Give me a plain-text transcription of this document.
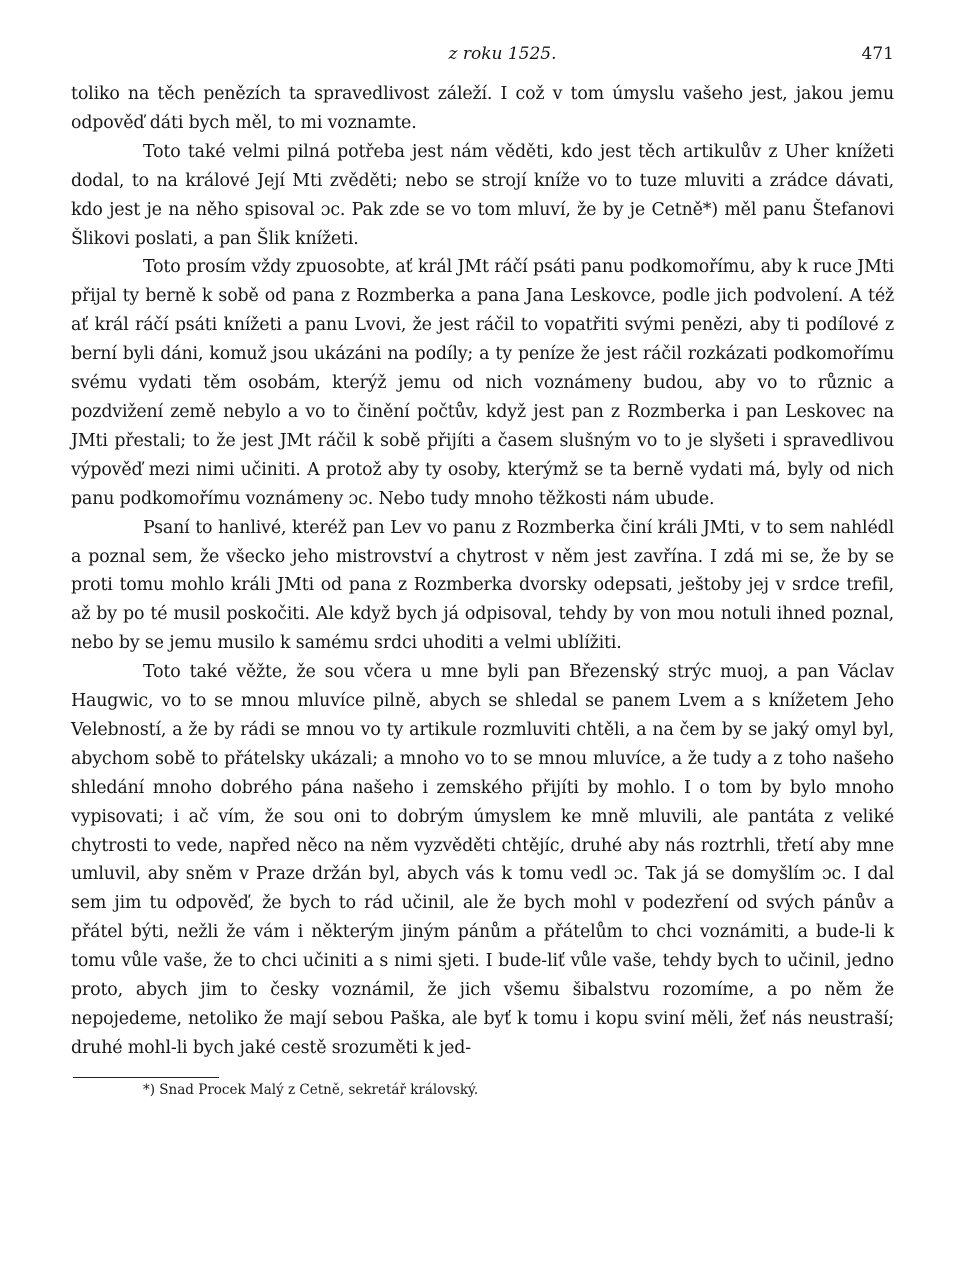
z roku 1525.	471

toliko na těch penězích ta spravedlivost záleží. I což v tom úmyslu vašeho jest, jakou jemu odpověď dáti bych měl, to mi voznamte.

Toto také velmi pilná potřeba jest nám věděti, kdo jest těch artikulův z Uher knížeti dodal, to na králové Její Mti zvěděti; nebo se strojí kníže vo to tuze mluviti a zrádce dávati, kdo jest je na něho spisoval ɔc. Pak zde se vo tom mluví, že by je Cetně*) měl panu Štefanovi Šlikovi poslati, a pan Šlik knížeti.

Toto prosím vždy zpuosobte, ať král JMt ráčí psáti panu podkomořímu, aby k ruce JMti přijal ty berně k sobě od pana z Rozmberka a pana Jana Leskovce, podle jich podvolení. A též ať král ráčí psáti knížeti a panu Lvovi, že jest ráčil to vopatřiti svými penězi, aby ti podílové z berní byli dáni, komuž jsou ukázáni na podíly; a ty peníze že jest ráčil rozkázati podkomořímu svému vydati těm osobám, kterýž jemu od nich voznámeny budou, aby vo to různic a pozdvižení země nebylo a vo to činění počtův, když jest pan z Rozmberka i pan Leskovec na JMti přestali; to že jest JMt ráčil k sobě přijíti a časem slušným vo to je slyšeti i spravedlivou výpověď mezi nimi učiniti. A protož aby ty osoby, kterýmž se ta berně vydati má, byly od nich panu podkomořímu voznámeny ɔc. Nebo tudy mnoho těžkosti nám ubude.

Psaní to hanlivé, kteréž pan Lev vo panu z Rozmberka činí králi JMti, v to sem nahlédl a poznal sem, že všecko jeho mistrovství a chytrost v něm jest zavřína. I zdá mi se, že by se proti tomu mohlo králi JMti od pana z Rozmberka dvorsky odepsati, ještoby jej v srdce trefil, až by po té musil poskočiti. Ale když bych já odpisoval, tehdy by von mou notuli ihned poznal, nebo by se jemu musilo k samému srdci uhoditi a velmi ublížiti.

Toto také věžte, že sou včera u mne byli pan Březenský strýc muoj, a pan Václav Haugwic, vo to se mnou mluvíce pilně, abych se shledal se panem Lvem a s knížetem Jeho Velebností, a že by rádi se mnou vo ty artikule rozmluviti chtěli, a na čem by se jaký omyl byl, abychom sobě to přátelsky ukázali; a mnoho vo to se mnou mluvíce, a že tudy a z toho našeho shledání mnoho dobrého pána našeho i zemského přijíti by mohlo. I o tom by bylo mnoho vypisovati; i ač vím, že sou oni to dobrým úmyslem ke mně mluvili, ale pantáta z veliké chytrosti to vede, napřed něco na něm vyzvěděti chtějíc, druhé aby nás roztrhli, třetí aby mne umluvil, aby sněm v Praze držán byl, abych vás k tomu vedl ɔc. Tak já se domyšlím ɔc. I dal sem jim tu odpověď, že bych to rád učinil, ale že bych mohl v podezření od svých pánův a přátel býti, nežli že vám i některým jiným pánům a přátelům to chci voznámiti, a bude-li k tomu vůle vaše, že to chci učiniti a s nimi sjeti. I bude-liť vůle vaše, tehdy bych to učinil, jedno proto, abych jim to česky voznámil, že jich všemu šibalstvu rozomíme, a po něm že nepojedeme, netoliko že mají sebou Paška, ale byť k tomu i kopu sviní měli, žeť nás neustraší; druhé mohl-li bych jaké cestě srozuměti k jed-

*) Snad Procek Malý z Cetně, sekretář královský.
